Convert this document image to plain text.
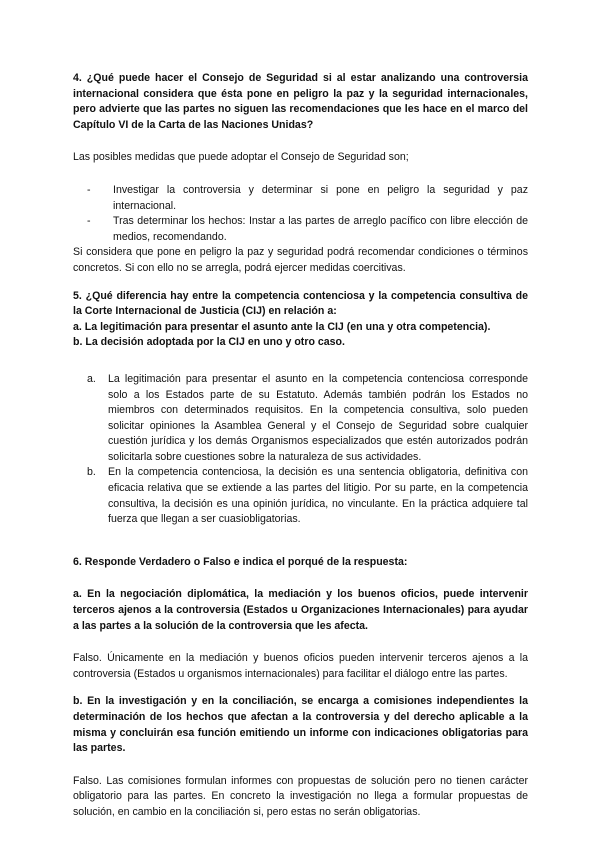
4. ¿Qué puede hacer el Consejo de Seguridad si al estar analizando una controversia internacional considera que ésta pone en peligro la paz y la seguridad internacionales, pero advierte que las partes no siguen las recomendaciones que les hace en el marco del Capítulo VI de la Carta de las Naciones Unidas?

Las posibles medidas que puede adoptar el Consejo de Seguridad son;

- Investigar la controversia y determinar si pone en peligro la seguridad y paz internacional.
- Tras determinar los hechos: Instar a las partes de arreglo pacífico con libre elección de medios, recomendando.

Si considera que pone en peligro la paz y seguridad podrá recomendar condiciones o términos concretos. Si con ello no se arregla, podrá ejercer medidas coercitivas.

5. ¿Qué diferencia hay entre la competencia contenciosa y la competencia consultiva de la Corte Internacional de Justicia (CIJ) en relación a:

a. La legitimación para presentar el asunto ante la CIJ (en una y otra competencia).

b. La decisión adoptada por la CIJ en uno y otro caso.

a. La legitimación para presentar el asunto en la competencia contenciosa corresponde solo a los Estados parte de su Estatuto. Además también podrán los Estados no miembros con determinados requisitos. En la competencia consultiva, solo pueden solicitar opiniones la Asamblea General y el Consejo de Seguridad sobre cualquier cuestión jurídica y los demás Organismos especializados que estén autorizados podrán solicitarla sobre cuestiones sobre la naturaleza de sus actividades.
b. En la competencia contenciosa, la decisión es una sentencia obligatoria, definitiva con eficacia relativa que se extiende a las partes del litigio. Por su parte, en la competencia consultiva, la decisión es una opinión jurídica, no vinculante. En la práctica adquiere tal fuerza que llegan a ser cuasiobligatorias.

6. Responde Verdadero o Falso e indica el porqué de la respuesta:

a. En la negociación diplomática, la mediación y los buenos oficios, puede intervenir terceros ajenos a la controversia (Estados u Organizaciones Internacionales) para ayudar a las partes a la solución de la controversia que les afecta.

Falso. Únicamente en la mediación y buenos oficios pueden intervenir terceros ajenos a la controversia (Estados u organismos internacionales) para facilitar el diálogo entre las partes.

b. En la investigación y en la conciliación, se encarga a comisiones independientes la determinación de los hechos que afectan a la controversia y del derecho aplicable a la misma y concluirán esa función emitiendo un informe con indicaciones obligatorias para las partes.

Falso. Las comisiones formulan informes con propuestas de solución pero no tienen carácter obligatorio para las partes. En concreto la investigación no llega a formular propuestas de solución, en cambio en la conciliación si, pero estas no serán obligatorias.
